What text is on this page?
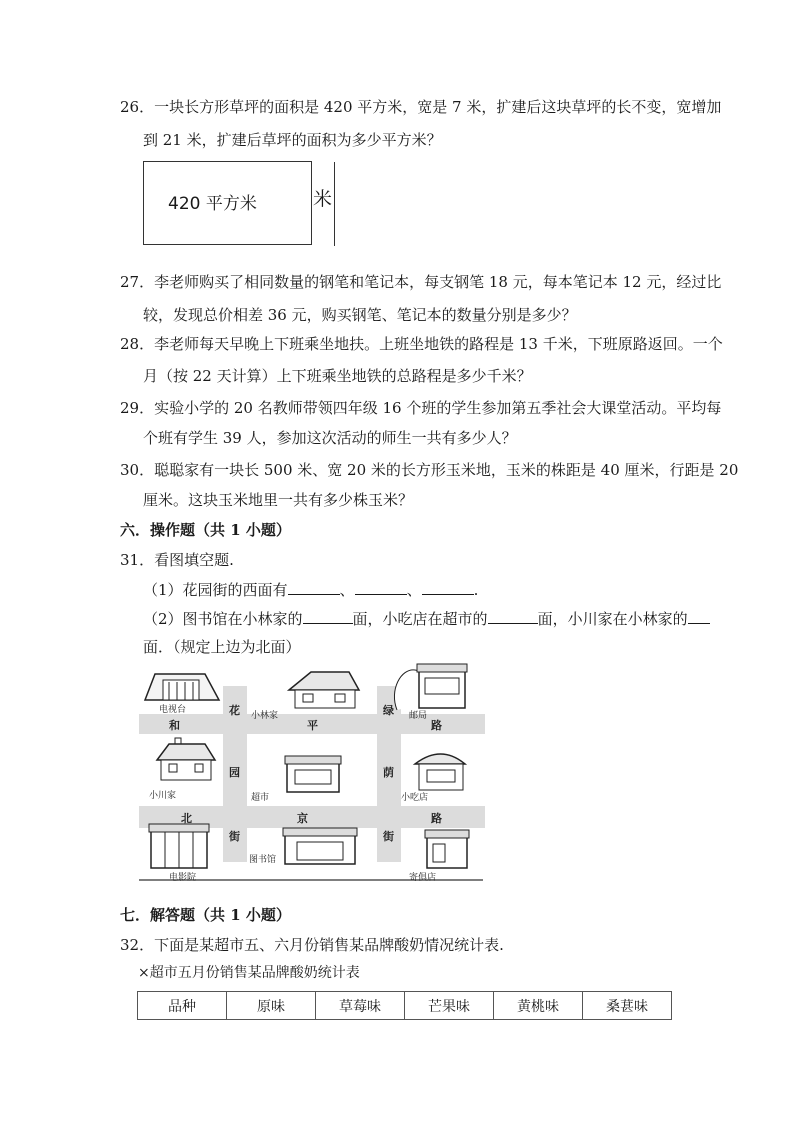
26．一块长方形草坪的面积是 420 平方米，宽是 7 米，扩建后这块草坪的长不变，宽增加
到 21 米，扩建后草坪的面积为多少平方米？
420 平方米	米
27．李老师购买了相同数量的钢笔和笔记本，每支钢笔 18 元，每本笔记本 12 元，经过比
较，发现总价相差 36 元，购买钢笔、笔记本的数量分别是多少？
28．李老师每天早晚上下班乘坐地扶。上班坐地铁的路程是 13 千米，下班原路返回。一个
月（按 22 天计算）上下班乘坐地铁的总路程是多少千米？
29．实验小学的 20 名教师带领四年级 16 个班的学生参加第五季社会大课堂活动。平均每
个班有学生 39 人，参加这次活动的师生一共有多少人？
30．聪聪家有一块长 500 米、宽 20 米的长方形玉米地，玉米的株距是 40 厘米，行距是 20
厘米。这块玉米地里一共有多少株玉米？
六．操作题（共 1 小题）
31．看图填空题.
（1）花园街的西面有	、	、	.
（2）图书馆在小林家的	面，小吃店在超市的	面，小川家在小林家的
面．（规定上边为北面）
和	平	路
北	京	路
花
园
街
绿
荫
街
电视台
小林家	邮局
小川家	超市	小吃店
电影院
图书馆
寄俱店
七．解答题（共 1 小题）
32．下面是某超市五、六月份销售某品牌酸奶情况统计表.
×超市五月份销售某品牌酸奶统计表
品种	原味	草莓味	芒果味	黄桃味	桑葚味
